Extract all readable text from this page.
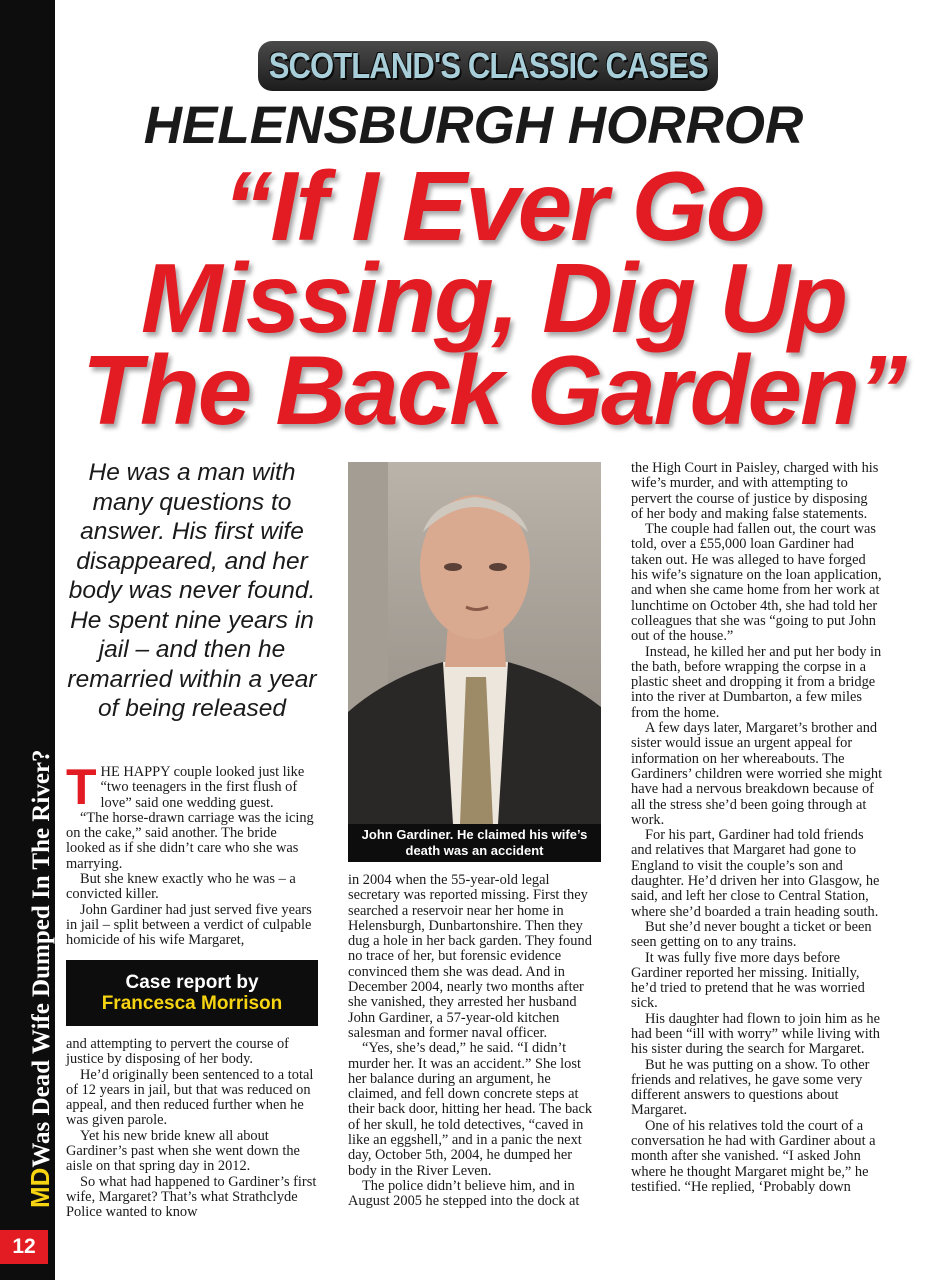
MDWas Dead Wife Dumped In The River?
12
SCOTLAND'S CLASSIC CASES
HELENSBURGH HORROR
“If I Ever Go
Missing, Dig Up
The Back Garden”
He was a man with many questions to answer. His first wife disappeared, and her body was never found. He spent nine years in jail – and then he remarried within a year of being released

THE HAPPY couple looked just like “two teenagers in the first flush of love” said one wedding guest.

“The horse-drawn carriage was the icing on the cake,” said another. The bride looked as if she didn’t care who she was marrying.

But she knew exactly who he was – a convicted killer.

John Gardiner had just served five years in jail – split between a verdict of culpable homicide of his wife Margaret,

Case report by
Francesca Morrison

and attempting to pervert the course of justice by disposing of her body.

He’d originally been sentenced to a total of 12 years in jail, but that was reduced on appeal, and then reduced further when he was given parole.

Yet his new bride knew all about Gardiner’s past when she went down the aisle on that spring day in 2012.

So what had happened to Gardiner’s first wife, Margaret? That’s what Strathclyde Police wanted to know

John Gardiner. He claimed his wife’s death was an accident

in 2004 when the 55-year-old legal secretary was reported missing. First they searched a reservoir near her home in Helensburgh, Dunbartonshire. Then they dug a hole in her back garden. They found no trace of her, but forensic evidence convinced them she was dead. And in December 2004, nearly two months after she vanished, they arrested her husband John Gardiner, a 57-year-old kitchen salesman and former naval officer.

“Yes, she’s dead,” he said. “I didn’t murder her. It was an accident.” She lost her balance during an argument, he claimed, and fell down concrete steps at their back door, hitting her head. The back of her skull, he told detectives, “caved in like an eggshell,” and in a panic the next day, October 5th, 2004, he dumped her body in the River Leven.

The police didn’t believe him, and in August 2005 he stepped into the dock at

the High Court in Paisley, charged with his wife’s murder, and with attempting to pervert the course of justice by disposing of her body and making false statements.

The couple had fallen out, the court was told, over a £55,000 loan Gardiner had taken out. He was alleged to have forged his wife’s signature on the loan application, and when she came home from her work at lunchtime on October 4th, she had told her colleagues that she was “going to put John out of the house.”

Instead, he killed her and put her body in the bath, before wrapping the corpse in a plastic sheet and dropping it from a bridge into the river at Dumbarton, a few miles from the home.

A few days later, Margaret’s brother and sister would issue an urgent appeal for information on her whereabouts. The Gardiners’ children were worried she might have had a nervous breakdown because of all the stress she’d been going through at work.

For his part, Gardiner had told friends and relatives that Margaret had gone to England to visit the couple’s son and daughter. He’d driven her into Glasgow, he said, and left her close to Central Station, where she’d boarded a train heading south.

But she’d never bought a ticket or been seen getting on to any trains.

It was fully five more days before Gardiner reported her missing. Initially, he’d tried to pretend that he was worried sick.

His daughter had flown to join him as he had been “ill with worry” while living with his sister during the search for Margaret.

But he was putting on a show. To other friends and relatives, he gave some very different answers to questions about Margaret.

One of his relatives told the court of a conversation he had with Gardiner about a month after she vanished. “I asked John where he thought Margaret might be,” he testified. “He replied, ‘Probably down
